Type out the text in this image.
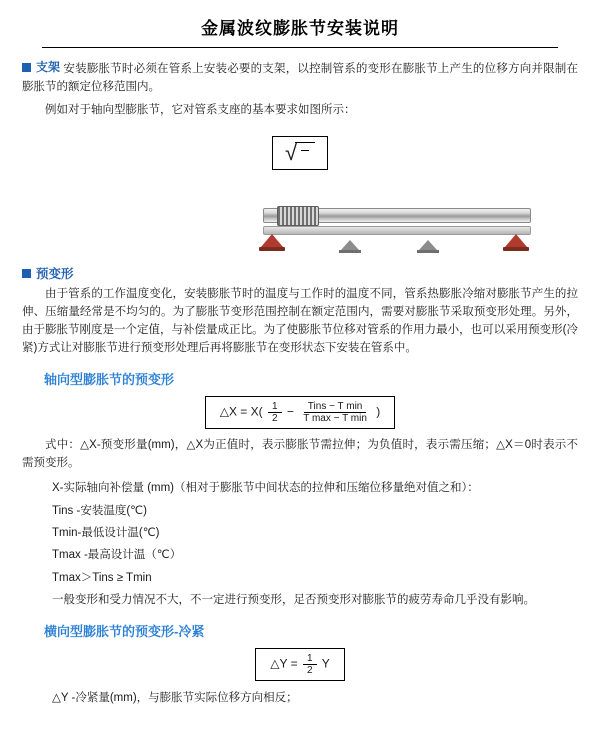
金属波纹膨胀节安装说明

支架 安装膨胀节时必须在管系上安装必要的支架，以控制管系的变形在膨胀节上产生的位移方向并限制在膨胀节的额定位移范围内。

例如对于轴向型膨胀节，它对管系支座的基本要求如图所示：

√

预变形

由于管系的工作温度变化，安装膨胀节时的温度与工作时的温度不同，管系热膨胀冷缩对膨胀节产生的拉伸、压缩量经常是不均匀的。为了膨胀节变形范围控制在额定范围内，需要对膨胀节采取预变形处理。另外，由于膨胀节刚度是一个定值，与补偿量成正比。为了使膨胀节位移对管系的作用力最小，也可以采用预变形(冷紧)方式让对膨胀节进行预变形处理后再将膨胀节在变形状态下安装在管系中。

轴向型膨胀节的预变形
△X = $X( \frac{1}{2} - \frac{\text{Tins − T min}}{\text{T max − T min}}$ )

式中：△X-预变形量(mm)，△X为正值时，表示膨胀节需拉伸；为负值时，表示需压缩；△X＝0时表示不需预变形。

X-实际轴向补偿量 (mm)（相对于膨胀节中间状态的拉伸和压缩位移量绝对值之和）：
Tins -安装温度(℃)
Tmin-最低设计温(℃)
Tmax -最高设计温（℃）
Tmax＞Tins ≥ Tmin
一般变形和受力情况不大，不一定进行预变形，足否预变形对膨胀节的疲劳寿命几乎没有影响。
横向型膨胀节的预变形-冷紧
△Y = $\frac{1}{2}$ Y
△Y -冷紧量(mm)，与膨胀节实际位移方向相反；
